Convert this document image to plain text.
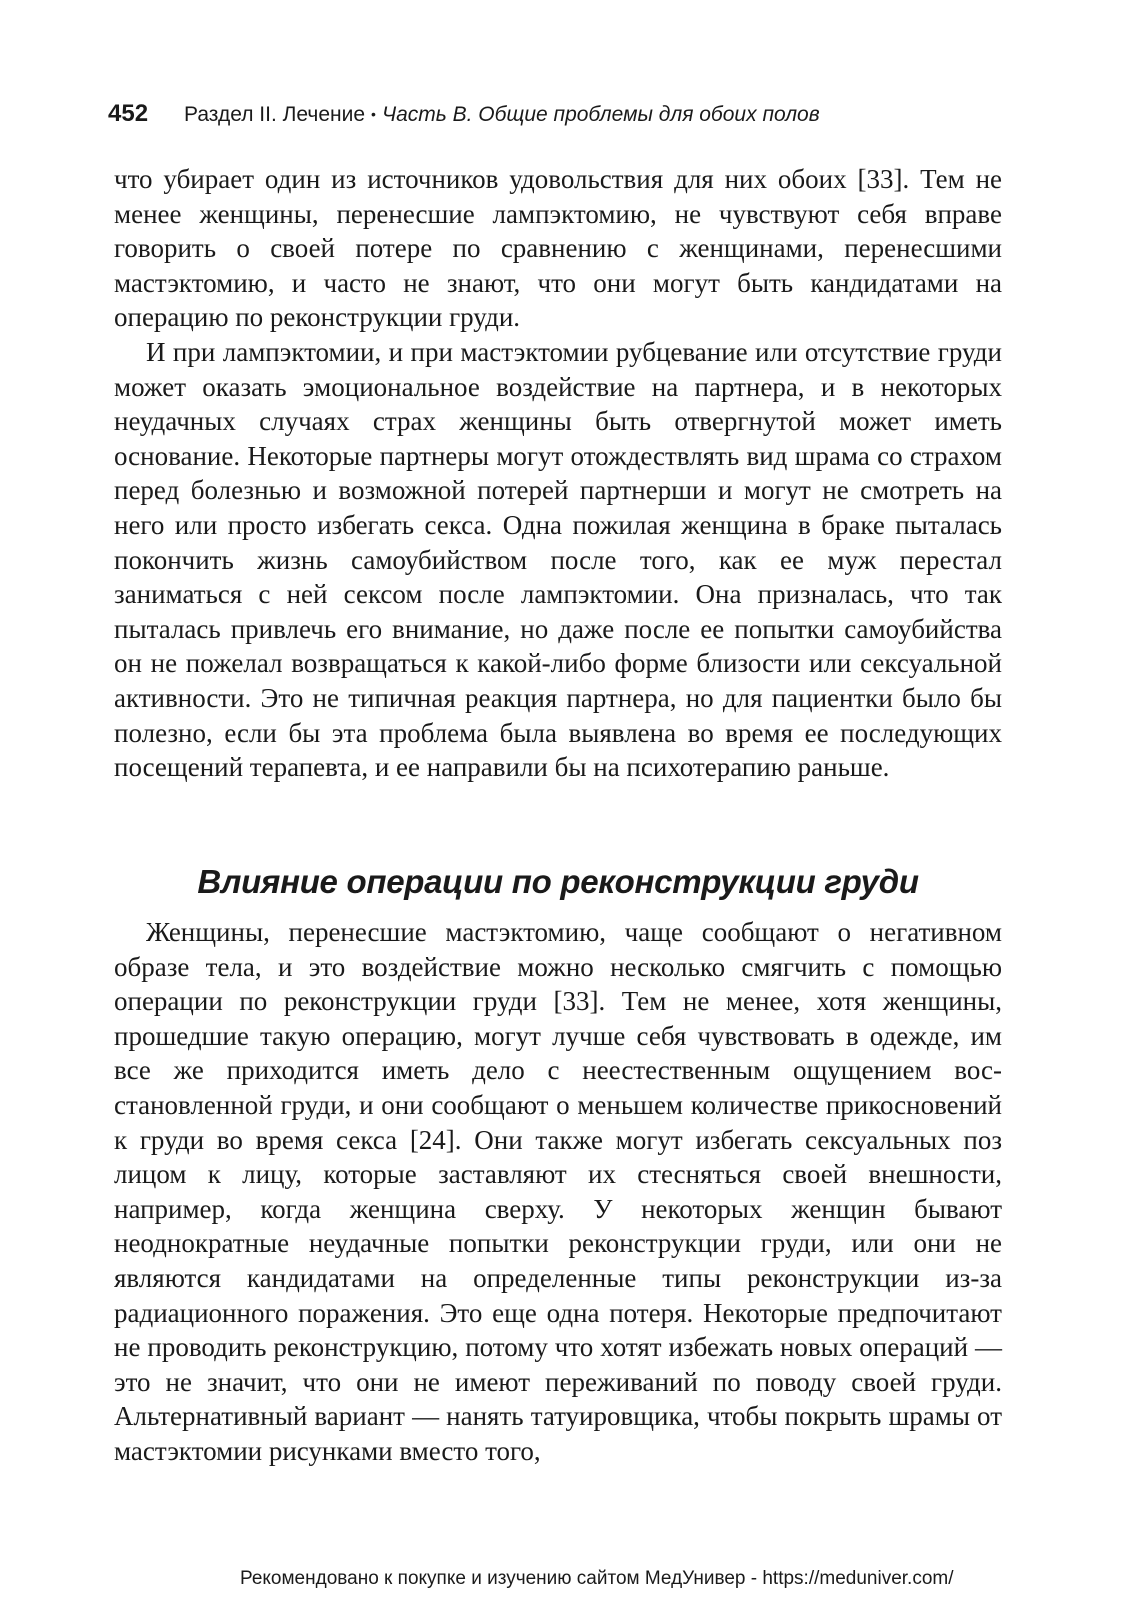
452 Раздел II. Лечение • Часть В. Общие проблемы для обоих полов

что убирает один из источников удовольствия для них обоих [33]. Тем не менее женщины, перенесшие лампэктомию, не чувствуют себя вправе говорить о своей потере по сравнению с женщинами, перенесшими мастэктомию, и часто не знают, что они могут быть кандидатами на операцию по реконструкции груди.

И при лампэктомии, и при мастэктомии рубцевание или отсутствие груди может оказать эмоциональное воздействие на партнера, и в некоторых неудачных случаях страх женщины быть отвергнутой может иметь основание. Некоторые партнеры могут отождествлять вид шрама со страхом перед болезнью и возможной потерей партнерши и могут не смотреть на него или просто избегать секса. Одна пожилая женщина в браке пыталась покончить жизнь самоубийством после того, как ее муж перестал заниматься с ней сексом после лампэктомии. Она призналась, что так пыталась привлечь его внимание, но даже после ее попытки самоубийства он не пожелал возвращаться к какой-либо форме близости или сексуальной активности. Это не типичная реакция партнера, но для пациентки было бы полезно, если бы эта проблема была выявлена во время ее последующих посещений терапевта, и ее направили бы на психотерапию раньше.

Влияние операции по реконструкции груди

Женщины, перенесшие мастэктомию, чаще сообщают о негативном образе тела, и это воздействие можно несколько смягчить с помощью операции по реконструкции груди [33]. Тем не менее, хотя женщины, прошедшие такую операцию, могут лучше себя чувствовать в одежде, им все же приходится иметь дело с неестественным ощущением восстановленной груди, и они сообщают о меньшем количестве прикосновений к груди во время секса [24]. Они также могут избегать сексуальных поз лицом к лицу, которые заставляют их стесняться своей внешности, например, когда женщина сверху. У некоторых женщин бывают неоднократные неудачные попытки реконструкции груди, или они не являются кандидатами на определенные типы реконструкции из-за радиационного поражения. Это еще одна потеря. Некоторые предпочитают не проводить реконструкцию, потому что хотят избежать новых операций — это не значит, что они не имеют переживаний по поводу своей груди. Альтернативный вариант — нанять татуировщика, чтобы покрыть шрамы от мастэктомии рисунками вместо того,

Рекомендовано к покупке и изучению сайтом МедУнивер - https://meduniver.com/
